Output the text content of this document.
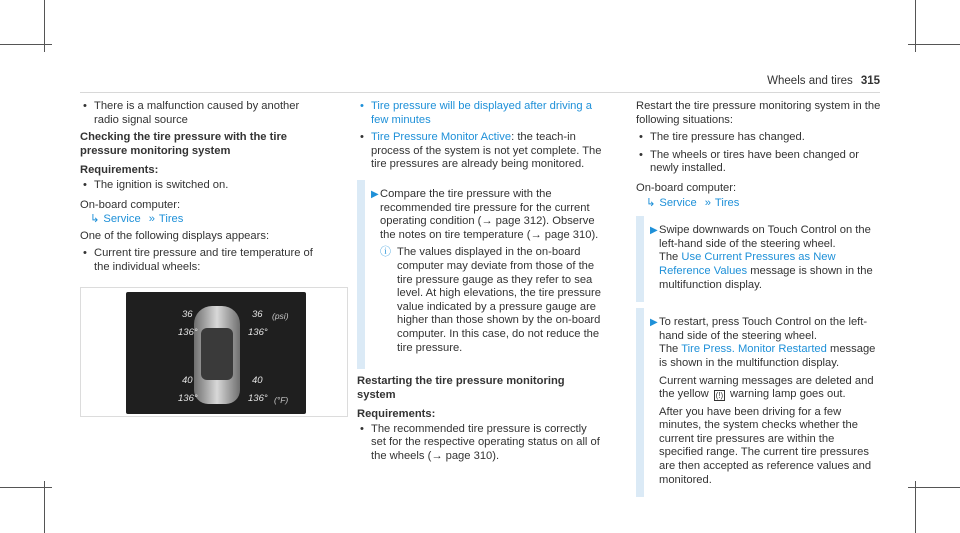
Wheels and tires 315
• There is a malfunction caused by another radio signal source
Checking the tire pressure with the tire pressure monitoring system
Requirements:
• The ignition is switched on.
On-board computer:
↳ Service » Tires
One of the following displays appears:
• Current tire pressure and tire temperature of the individual wheels:
36	36 (psi)
136°	136°
40	40
136°	136° (°F)
• Tire pressure will be displayed after driving a few minutes
• Tire Pressure Monitor Active: the teach-in process of the system is not yet complete. The tire pressures are already being monitored.
▶ Compare the tire pressure with the recommended tire pressure for the current operating condition (→ page 312). Observe the notes on tire temperature (→ page 310).
ⓘ The values displayed in the on-board computer may deviate from those of the tire pressure gauge as they refer to sea level. At high elevations, the tire pressure value indicated by a pressure gauge are higher than those shown by the on-board computer. In this case, do not reduce the tire pressure.
Restarting the tire pressure monitoring system
Requirements:
• The recommended tire pressure is correctly set for the respective operating status on all of the wheels (→ page 310).
Restart the tire pressure monitoring system in the following situations:
• The tire pressure has changed.
• The wheels or tires have been changed or newly installed.
On-board computer:
↳ Service » Tires
▶ Swipe downwards on Touch Control on the left-hand side of the steering wheel.
The Use Current Pressures as New Reference Values message is shown in the multifunction display.
▶ To restart, press Touch Control on the left-hand side of the steering wheel.
The Tire Press. Monitor Restarted message is shown in the multifunction display.
Current warning messages are deleted and the yellow (!) warning lamp goes out.
After you have been driving for a few minutes, the system checks whether the current tire pressures are within the specified range. The current tire pressures are then accepted as reference values and monitored.
